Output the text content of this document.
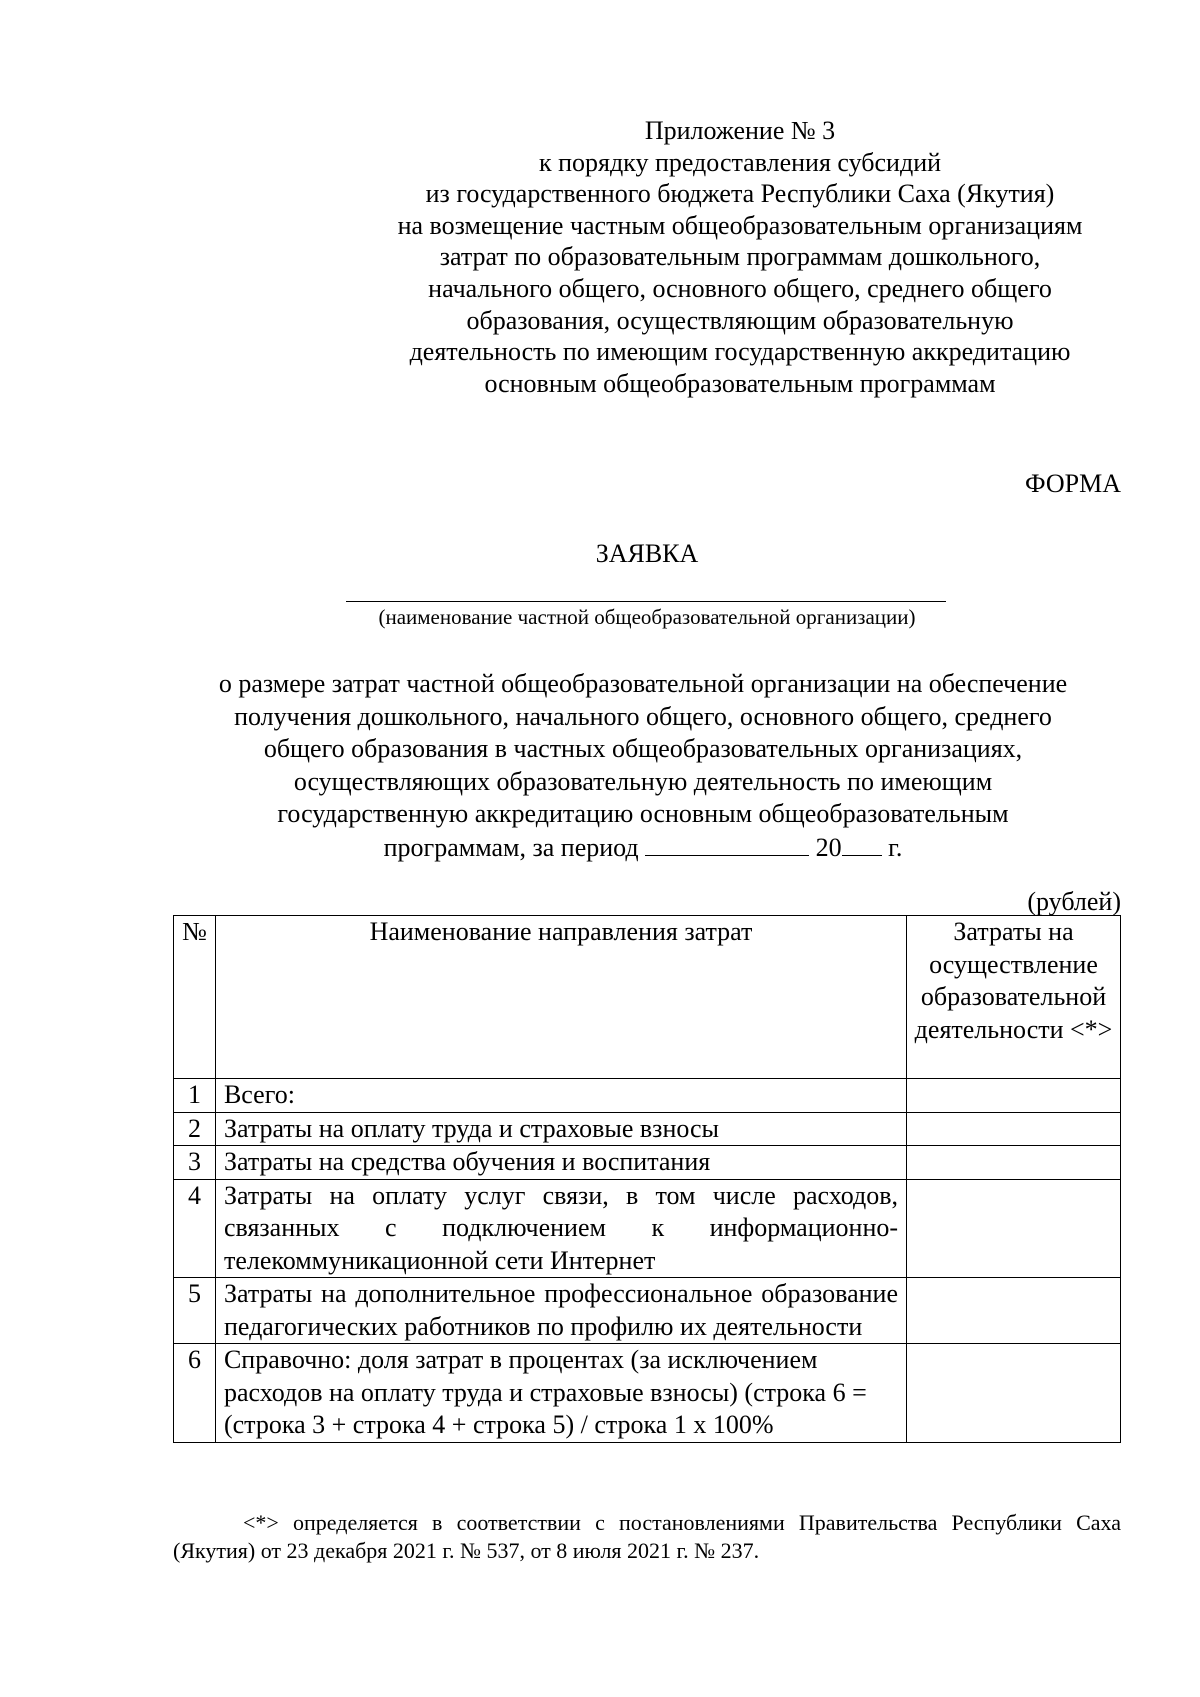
Приложение № 3
к порядку предоставления субсидий
из государственного бюджета Республики Саха (Якутия)
на возмещение частным общеобразовательным организациям
затрат по образовательным программам дошкольного,
начального общего, основного общего, среднего общего
образования, осуществляющим образовательную
деятельность по имеющим государственную аккредитацию
основным общеобразовательным программам
ФОРМА
ЗАЯВКА
(наименование частной общеобразовательной организации)
о размере затрат частной общеобразовательной организации на обеспечение
получения дошкольного, начального общего, основного общего, среднего
общего образования в частных общеобразовательных организациях,
осуществляющих образовательную деятельность по имеющим
государственную аккредитацию основным общеобразовательным
программам, за период	20 г.
(рублей)
№	Наименование направления затрат	Затраты на осуществление образовательной деятельности <*>
1	Всего:	
2	Затраты на оплату труда и страховые взносы	
3	Затраты на средства обучения и воспитания	
4	Затраты на оплату услуг связи, в том числе расходов, связанных с подключением к информационно-телекоммуникационной сети Интернет	
5	Затраты на дополнительное профессиональное образование педагогических работников по профилю их деятельности	
6	Справочно: доля затрат в процентах (за исключением расходов на оплату труда и страховые взносы) (строка 6 = (строка 3 + строка 4 + строка 5) / строка 1 х 100%	
<*> определяется в соответствии с постановлениями Правительства Республики Саха (Якутия) от 23 декабря 2021 г. № 537, от 8 июля 2021 г. № 237.
